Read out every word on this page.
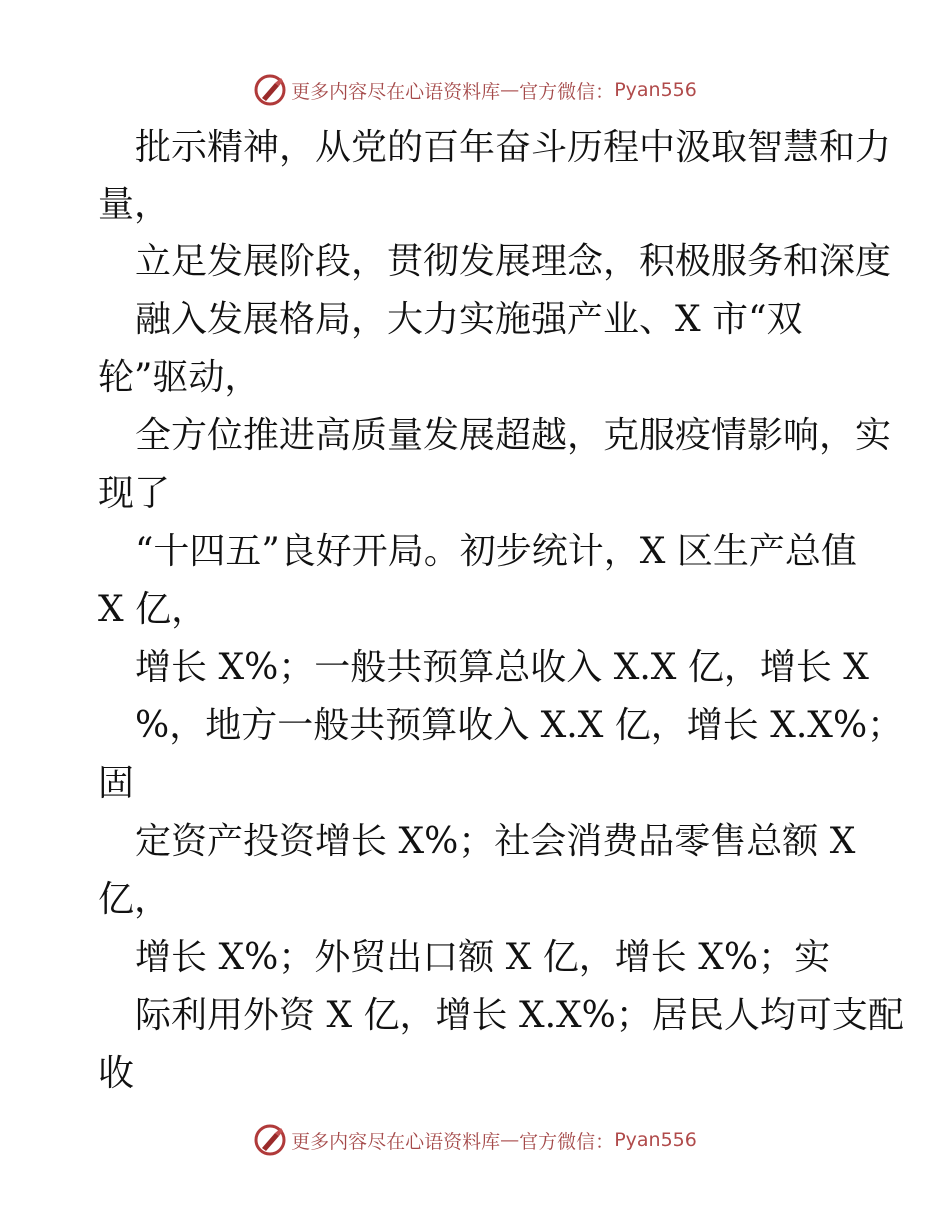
更多内容尽在心语资料库 — 官方微信： Pyan556
批示精神，从党的百年奋斗历程中汲取智慧和力
量，
立足发展阶段，贯彻发展理念，积极服务和深度
融入发展格局，大力实施强产业、X 市“双
轮”驱动，
全方位推进高质量发展超越，克服疫情影响，实
现了
“十四五”良好开局。初步统计，X 区生产总值
X 亿，
增长 X%；一般共预算总收入 X.X 亿，增长 X
%，地方一般共预算收入 X.X 亿，增长 X.X%；
固
定资产投资增长 X%；社会消费品零售总额 X
亿，
增长 X%；外贸出口额 X 亿，增长 X%；实
际利用外资 X 亿，增长 X.X%；居民人均可支配
收
更多内容尽在心语资料库 — 官方微信： Pyan556
